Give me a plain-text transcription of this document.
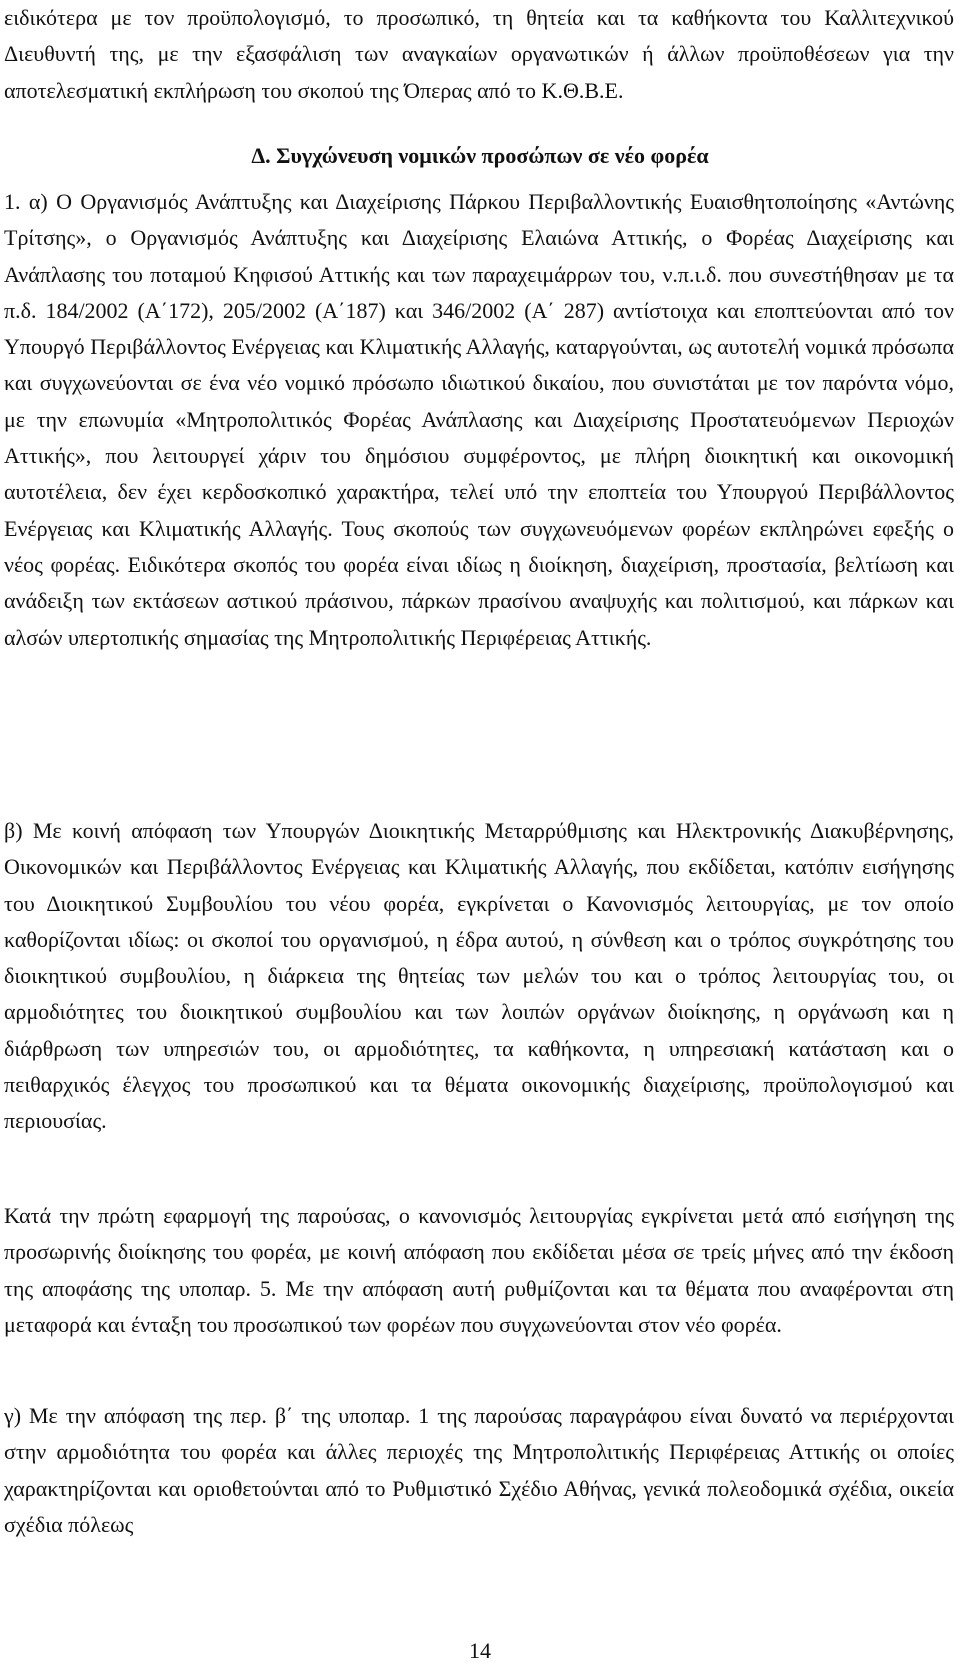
ειδικότερα με τον προϋπολογισμό, το προσωπικό, τη θητεία και τα καθήκοντα του Καλλιτεχνικού Διευθυντή της, με την εξασφάλιση των αναγκαίων οργανωτικών ή άλλων προϋποθέσεων για την αποτελεσματική εκπλήρωση του σκοπού της Όπερας από το Κ.Θ.Β.Ε.

Δ. Συγχώνευση νομικών προσώπων σε νέο φορέα

1. α) Ο Οργανισμός Ανάπτυξης και Διαχείρισης Πάρκου Περιβαλλοντικής Ευαισθητοποίησης «Αντώνης Τρίτσης», ο Οργανισμός Ανάπτυξης και Διαχείρισης Ελαιώνα Αττικής, ο Φορέας Διαχείρισης και Ανάπλασης του ποταμού Κηφισού Αττικής και των παραχειμάρρων του, ν.π.ι.δ. που συνεστήθησαν με τα π.δ. 184/2002 (Α΄172), 205/2002 (Α΄187) και 346/2002 (Α΄ 287) αντίστοιχα και εποπτεύονται από τον Υπουργό Περιβάλλοντος Ενέργειας και Κλιματικής Αλλαγής, καταργούνται, ως αυτοτελή νομικά πρόσωπα και συγχωνεύονται σε ένα νέο νομικό πρόσωπο ιδιωτικού δικαίου, που συνιστάται με τον παρόντα νόμο, με την επωνυμία «Μητροπολιτικός Φορέας Ανάπλασης και Διαχείρισης Προστατευόμενων Περιοχών Αττικής», που λειτουργεί χάριν του δημόσιου συμφέροντος, με πλήρη διοικητική και οικονομική αυτοτέλεια, δεν έχει κερδοσκοπικό χαρακτήρα, τελεί υπό την εποπτεία του Υπουργού Περιβάλλοντος Ενέργειας και Κλιματικής Αλλαγής. Τους σκοπούς των συγχωνευόμενων φορέων εκπληρώνει εφεξής ο νέος φορέας. Ειδικότερα σκοπός του φορέα είναι ιδίως η διοίκηση, διαχείριση, προστασία, βελτίωση και ανάδειξη των εκτάσεων αστικού πράσινου, πάρκων πρασίνου αναψυχής και πολιτισμού, και πάρκων και αλσών υπερτοπικής σημασίας της Μητροπολιτικής Περιφέρειας Αττικής.

β) Με κοινή απόφαση των Υπουργών Διοικητικής Μεταρρύθμισης και Ηλεκτρονικής Διακυβέρνησης, Οικονομικών και Περιβάλλοντος Ενέργειας και Κλιματικής Αλλαγής, που εκδίδεται, κατόπιν εισήγησης του Διοικητικού Συμβουλίου του νέου φορέα, εγκρίνεται ο Κανονισμός λειτουργίας, με τον οποίο καθορίζονται ιδίως: οι σκοποί του οργανισμού, η έδρα αυτού, η σύνθεση και ο τρόπος συγκρότησης του διοικητικού συμβουλίου, η διάρκεια της θητείας των μελών του και ο τρόπος λειτουργίας του, οι αρμοδιότητες του διοικητικού συμβουλίου και των λοιπών οργάνων διοίκησης, η οργάνωση και η διάρθρωση των υπηρεσιών του, οι αρμοδιότητες, τα καθήκοντα, η υπηρεσιακή κατάσταση και ο πειθαρχικός έλεγχος του προσωπικού και τα θέματα οικονομικής διαχείρισης, προϋπολογισμού και περιουσίας.

Κατά την πρώτη εφαρμογή της παρούσας, ο κανονισμός λειτουργίας εγκρίνεται μετά από εισήγηση της προσωρινής διοίκησης του φορέα, με κοινή απόφαση που εκδίδεται μέσα σε τρείς μήνες από την έκδοση της αποφάσης της υποπαρ. 5. Με την απόφαση αυτή ρυθμίζονται και τα θέματα που αναφέρονται στη μεταφορά και ένταξη του προσωπικού των φορέων που συγχωνεύονται στον νέο φορέα.

γ) Με την απόφαση της περ. β΄ της υποπαρ. 1 της παρούσας παραγράφου είναι δυνατό να περιέρχονται στην αρμοδιότητα του φορέα και άλλες περιοχές της Μητροπολιτικής Περιφέρειας Αττικής οι οποίες χαρακτηρίζονται και οριοθετούνται από το Ρυθμιστικό Σχέδιο Αθήνας, γενικά πολεοδομικά σχέδια, οικεία σχέδια πόλεως

14
